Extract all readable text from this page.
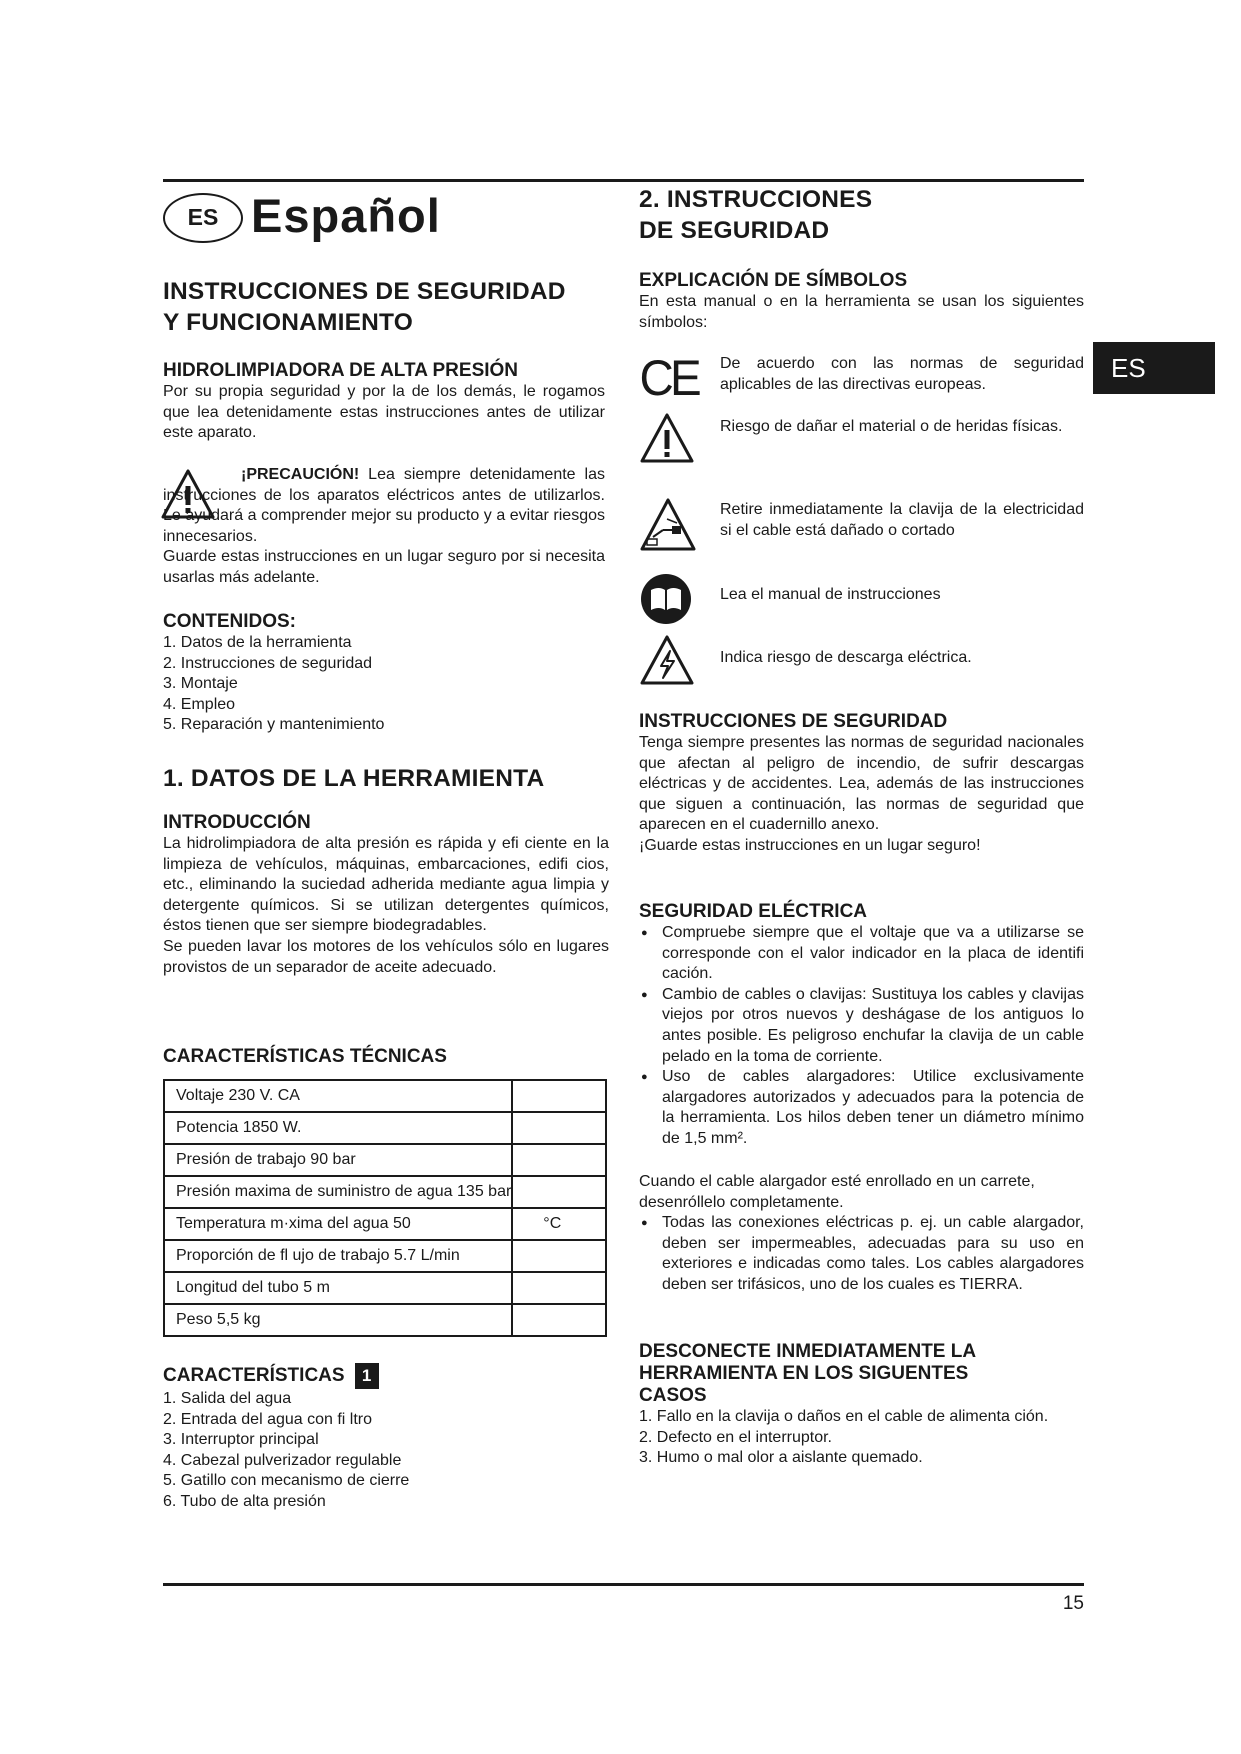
ES Español
ES
INSTRUCCIONES DE SEGURIDAD
Y FUNCIONAMIENTO
HIDROLIMPIADORA DE ALTA PRESIÓN

Por su propia seguridad y por la de los demás, le rogamos que lea detenidamente estas instrucciones antes de utilizar este aparato.

¡PRECAUCIÓN! Lea siempre detenidamente las instrucciones de los aparatos eléctricos antes de utilizarlos. Le ayudará a comprender mejor su producto y a evitar riesgos innecesarios.

Guarde estas instrucciones en un lugar seguro por si necesita usarlas más adelante.

CONTENIDOS:
1. Datos de la herramienta
2. Instrucciones de seguridad
3. Montaje
4. Empleo
5. Reparación y mantenimiento
1. DATOS DE LA HERRAMIENTA
INTRODUCCIÓN

La hidrolimpiadora de alta presión es rápida y efi ciente en la limpieza de vehículos, máquinas, embarcaciones, edifi cios, etc., eliminando la suciedad adherida mediante agua limpia y detergente químicos. Si se utilizan detergentes químicos, éstos tienen que ser siempre biodegradables.

Se pueden lavar los motores de los vehículos sólo en lugares provistos de un separador de aceite adecuado.

CARACTERÍSTICAS TÉCNICAS
Voltaje 230 V. CA	
Potencia 1850 W.	
Presión de trabajo 90 bar	
Presión maxima de suministro de agua 135 bar	
Temperatura m·xima del agua 50	°C
Proporción de fl ujo de trabajo 5.7 L/min	
Longitud del tubo 5 m	
Peso 5,5 kg	
CARACTERÍSTICAS 1
1. Salida del agua
2. Entrada del agua con fi ltro
3. Interruptor principal
4. Cabezal pulverizador regulable
5. Gatillo con mecanismo de cierre
6. Tubo de alta presión
2. INSTRUCCIONES
DE SEGURIDAD
EXPLICACIÓN DE SÍMBOLOS

En esta manual o en la herramienta se usan los siguientes símbolos:

CE De acuerdo con las normas de seguridad aplicables de las directivas europeas.
Riesgo de dañar el material o de heridas físicas.
Retire inmediatamente la clavija de la electricidad si el cable está dañado o cortado
Lea el manual de instrucciones
Indica riesgo de descarga eléctrica.
INSTRUCCIONES DE SEGURIDAD

Tenga siempre presentes las normas de seguridad nacionales que afectan al peligro de incendio, de sufrir descargas eléctricas y de accidentes. Lea, además de las instrucciones que siguen a continuación, las normas de seguridad que aparecen en el cuadernillo anexo.

¡Guarde estas instrucciones en un lugar seguro!

SEGURIDAD ELÉCTRICA
● Compruebe siempre que el voltaje que va a utilizarse se corresponde con el valor indicador en la placa de identifi cación.
● Cambio de cables o clavijas: Sustituya los cables y clavijas viejos por otros nuevos y deshágase de los antiguos lo antes posible. Es peligroso enchufar la clavija de un cable pelado en la toma de corriente.
● Uso de cables alargadores: Utilice exclusivamente alargadores autorizados y adecuados para la potencia de la herramienta. Los hilos deben tener un diámetro mínimo de 1,5 mm².

Cuando el cable alargador esté enrollado en un carrete, desenróllelo completamente.

● Todas las conexiones eléctricas p. ej. un cable alargador, deben ser impermeables, adecuadas para su uso en exteriores e indicadas como tales. Los cables alargadores deben ser trifásicos, uno de los cuales es TIERRA.
DESCONECTE INMEDIATAMENTE LA
HERRAMIENTA EN LOS SIGUENTES
CASOS
1. Fallo en la clavija o daños en el cable de alimenta ción.
2. Defecto en el interruptor.
3. Humo o mal olor a aislante quemado.
15
